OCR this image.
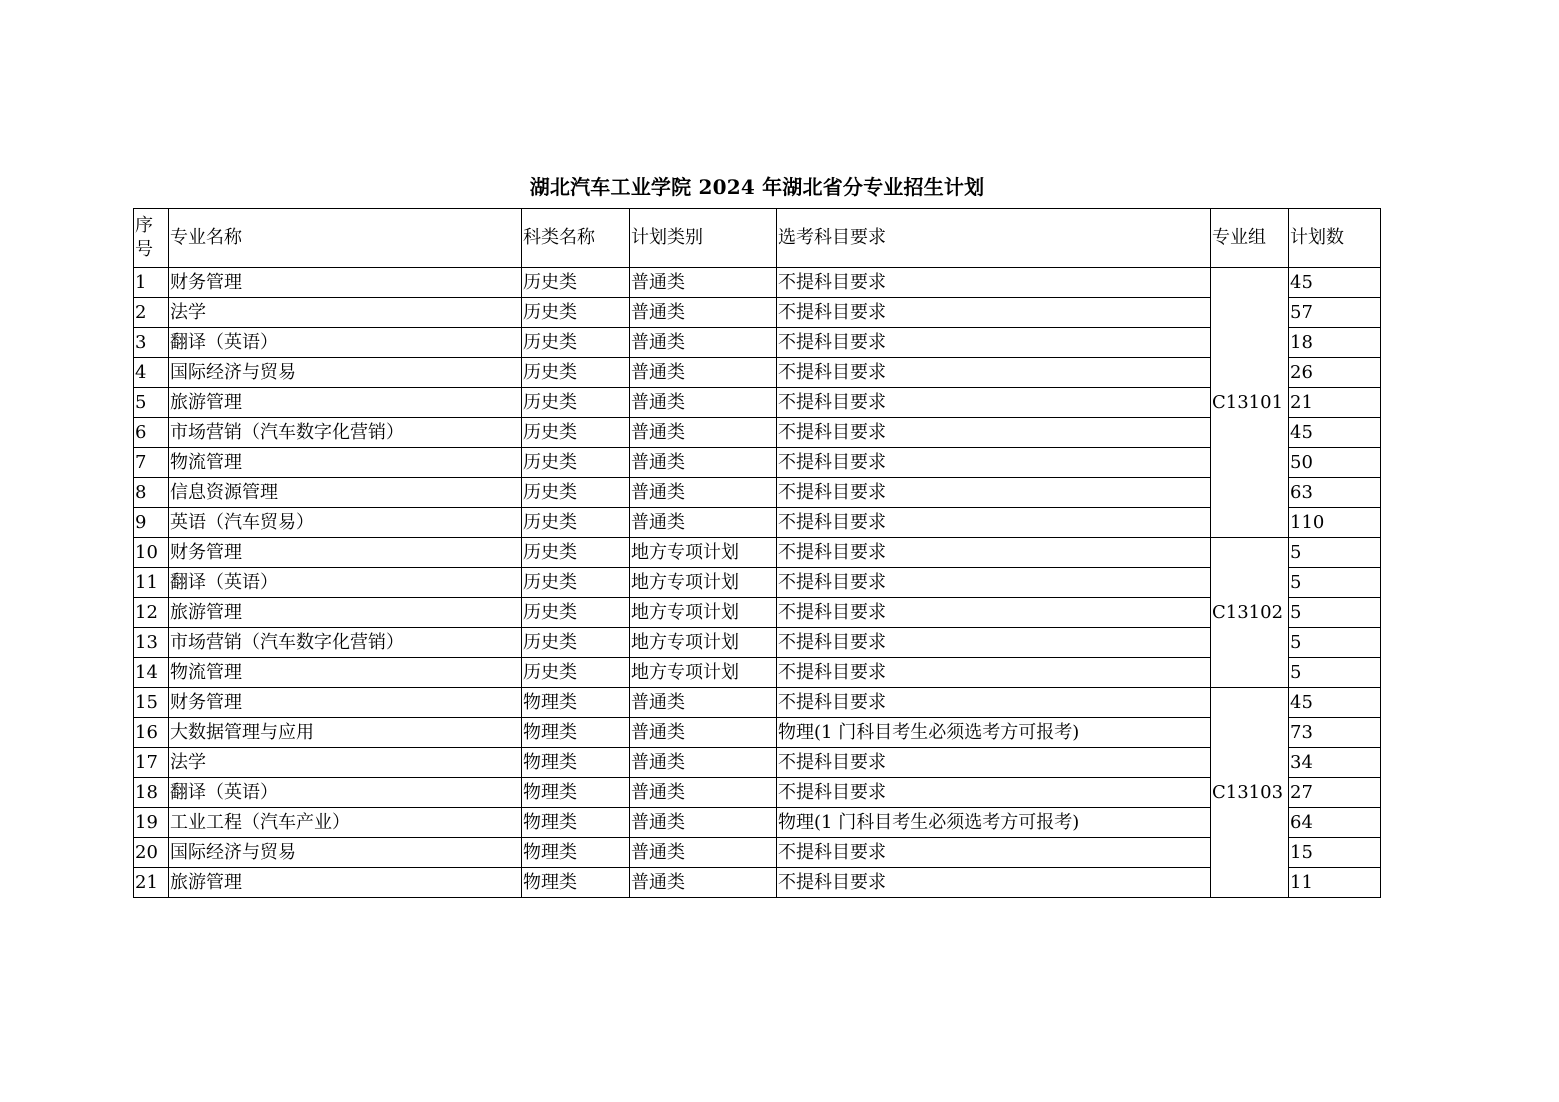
湖北汽车工业学院 2024 年湖北省分专业招生计划
序号	专业名称	科类名称	计划类别	选考科目要求	专业组	计划数
1	财务管理	历史类	普通类	不提科目要求	C13101	45
2	法学	历史类	普通类	不提科目要求		57
3	翻译（英语）	历史类	普通类	不提科目要求		18
4	国际经济与贸易	历史类	普通类	不提科目要求		26
5	旅游管理	历史类	普通类	不提科目要求		21
6	市场营销（汽车数字化营销）	历史类	普通类	不提科目要求		45
7	物流管理	历史类	普通类	不提科目要求		50
8	信息资源管理	历史类	普通类	不提科目要求		63
9	英语（汽车贸易）	历史类	普通类	不提科目要求		110
10	财务管理	历史类	地方专项计划	不提科目要求	C13102	5
11	翻译（英语）	历史类	地方专项计划	不提科目要求		5
12	旅游管理	历史类	地方专项计划	不提科目要求		5
13	市场营销（汽车数字化营销）	历史类	地方专项计划	不提科目要求		5
14	物流管理	历史类	地方专项计划	不提科目要求		5
15	财务管理	物理类	普通类	不提科目要求	C13103	45
16	大数据管理与应用	物理类	普通类	物理(1 门科目考生必须选考方可报考)		73
17	法学	物理类	普通类	不提科目要求		34
18	翻译（英语）	物理类	普通类	不提科目要求		27
19	工业工程（汽车产业）	物理类	普通类	物理(1 门科目考生必须选考方可报考)		64
20	国际经济与贸易	物理类	普通类	不提科目要求		15
21	旅游管理	物理类	普通类	不提科目要求		11
